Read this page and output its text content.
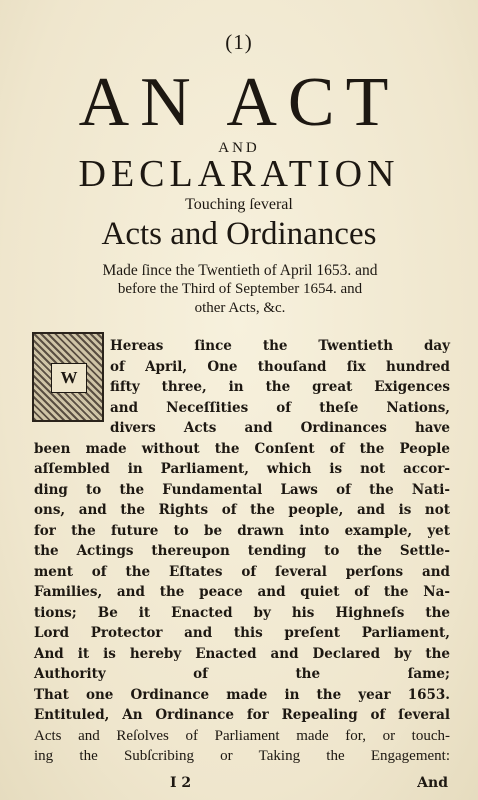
(1)
AN ACT
AND
DECLARATION
Touching ſeveral
Acts and Ordinances
Made ſince the Twentieth of April 1653. and
before the Third of September 1654. and
other Acts, &c.
W
Hereas ſince the Twentieth day
of April, One thouſand ſix hundred
fifty three, in the great Exigences
and Neceſſities of theſe Nations,
divers Acts and Ordinances have
been made without the Conſent of the People
aſſembled in Parliament, which is not accor-
ding to the Fundamental Laws of the Nati-
ons, and the Rights of the people, and is not
for the future to be drawn into example, yet
the Actings thereupon tending to the Settle-
ment of the Eſtates of ſeveral perſons and
Families, and the peace and quiet of the Na-
tions; Be it Enacted by his Highneſs the
Lord Protector and this preſent Parliament,
And it is hereby Enacted and Declared by the
Authority of the ſame;
That one Ordinance made in the year 1653.
Entituled, An Ordinance for Repealing of ſeveral
Acts and Reſolves of Parliament made for, or touch-
ing the Subſcribing or Taking the Engagement:
I 2	And
